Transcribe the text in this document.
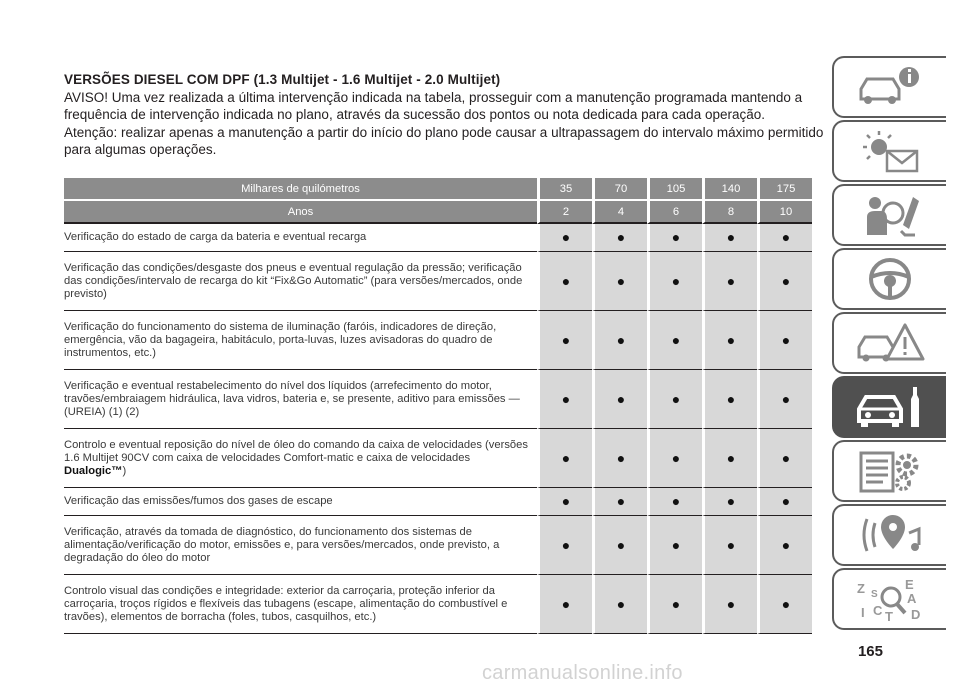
VERSÕES DIESEL COM DPF (1.3 Multijet - 1.6 Multijet - 2.0 Multijet)
AVISO! Uma vez realizada a última intervenção indicada na tabela, prosseguir com a manutenção programada mantendo a frequência de intervenção indicada no plano, através da sucessão dos pontos ou nota dedicada para cada operação.
Atenção: realizar apenas a manutenção a partir do início do plano pode causar a ultrapassagem do intervalo máximo permitido para algumas operações.
Milhares de quilómetros	35	70	105	140	175
Anos	2	4	6	8	10
Verificação do estado de carga da bateria e eventual recarga	●	●	●	●	●
Verificação das condições/desgaste dos pneus e eventual regulação da pressão; verificação das condições/intervalo de recarga do kit “Fix&Go Automatic” (para versões/mercados, onde previsto)	●	●	●	●	●
Verificação do funcionamento do sistema de iluminação (faróis, indicadores de direção, emergência, vão da bagageira, habitáculo, porta-luvas, luzes avisadoras do quadro de instrumentos, etc.)	●	●	●	●	●
Verificação e eventual restabelecimento do nível dos líquidos (arrefecimento do motor, travões/embraiagem hidráulica, lava vidros, bateria e, se presente, aditivo para emissões — (UREIA) (1) (2)	●	●	●	●	●
Controlo e eventual reposição do nível de óleo do comando da caixa de velocidades (versões 1.6 Multijet 90CV com caixa de velocidades Comfort-matic e caixa de velocidades Dualogic™)	●	●	●	●	●
Verificação das emissões/fumos dos gases de escape	●	●	●	●	●
Verificação, através da tomada de diagnóstico, do funcionamento dos sistemas de alimentação/verificação do motor, emissões e, para versões/mercados, onde previsto, a degradação do óleo do motor	●	●	●	●	●
Controlo visual das condições e integridade: exterior da carroçaria, proteção inferior da carroçaria, troços rígidos e flexíveis das tubagens (escape, alimentação do combustível e travões), elementos de borracha (foles, tubos, casquilhos, etc.)	●	●	●	●	●
165
carmanualsonline.info
Z	E
S A
I C T D
